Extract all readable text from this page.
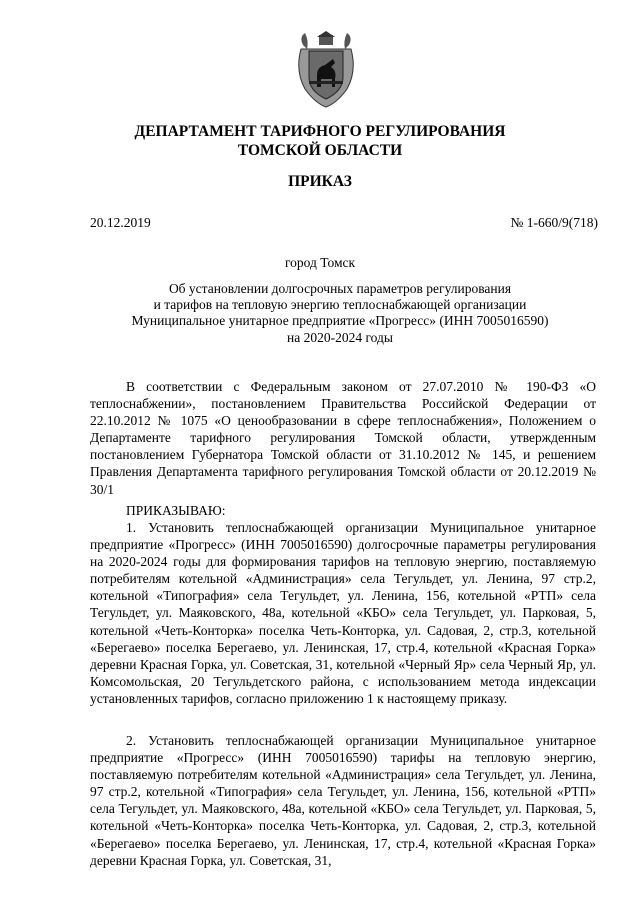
ДЕПАРТАМЕНТ ТАРИФНОГО РЕГУЛИРОВАНИЯ
ТОМСКОЙ ОБЛАСТИ
ПРИКАЗ
20.12.2019	№ 1-660/9(718)
город Томск
Об установлении долгосрочных параметров регулирования
и тарифов на тепловую энергию теплоснабжающей организации
Муниципальное унитарное предприятие «Прогресс» (ИНН 7005016590)
на 2020-2024 годы
В соответствии с Федеральным законом от 27.07.2010 № 190-ФЗ «О теплоснабжении», постановлением Правительства Российской Федерации от 22.10.2012 № 1075 «О ценообразовании в сфере теплоснабжения», Положением о Департаменте тарифного регулирования Томской области, утвержденным постановлением Губернатора Томской области от 31.10.2012 № 145, и решением Правления Департамента тарифного регулирования Томской области от 20.12.2019 № 30/1
ПРИКАЗЫВАЮ:
1. Установить теплоснабжающей организации Муниципальное унитарное предприятие «Прогресс» (ИНН 7005016590) долгосрочные параметры регулирования на 2020-2024 годы для формирования тарифов на тепловую энергию, поставляемую потребителям котельной «Администрация» села Тегульдет, ул. Ленина, 97 стр.2, котельной «Типография» села Тегульдет, ул. Ленина, 156, котельной «РТП» села Тегульдет, ул. Маяковского, 48а, котельной «КБО» села Тегульдет, ул. Парковая, 5, котельной «Четь-Конторка» поселка Четь-Конторка, ул. Садовая, 2, стр.3, котельной «Берегаево» поселка Берегаево, ул. Ленинская, 17, стр.4, котельной «Красная Горка» деревни Красная Горка, ул. Советская, 31, котельной «Черный Яр» села Черный Яр, ул. Комсомольская, 20 Тегульдетского района, с использованием метода индексации установленных тарифов, согласно приложению 1 к настоящему приказу.
2. Установить теплоснабжающей организации Муниципальное унитарное предприятие «Прогресс» (ИНН 7005016590) тарифы на тепловую энергию, поставляемую потребителям котельной «Администрация» села Тегульдет, ул. Ленина, 97 стр.2, котельной «Типография» села Тегульдет, ул. Ленина, 156, котельной «РТП» села Тегульдет, ул. Маяковского, 48а, котельной «КБО» села Тегульдет, ул. Парковая, 5, котельной «Четь-Конторка» поселка Четь-Конторка, ул. Садовая, 2, стр.3, котельной «Берегаево» поселка Берегаево, ул. Ленинская, 17, стр.4, котельной «Красная Горка» деревни Красная Горка, ул. Советская, 31,
